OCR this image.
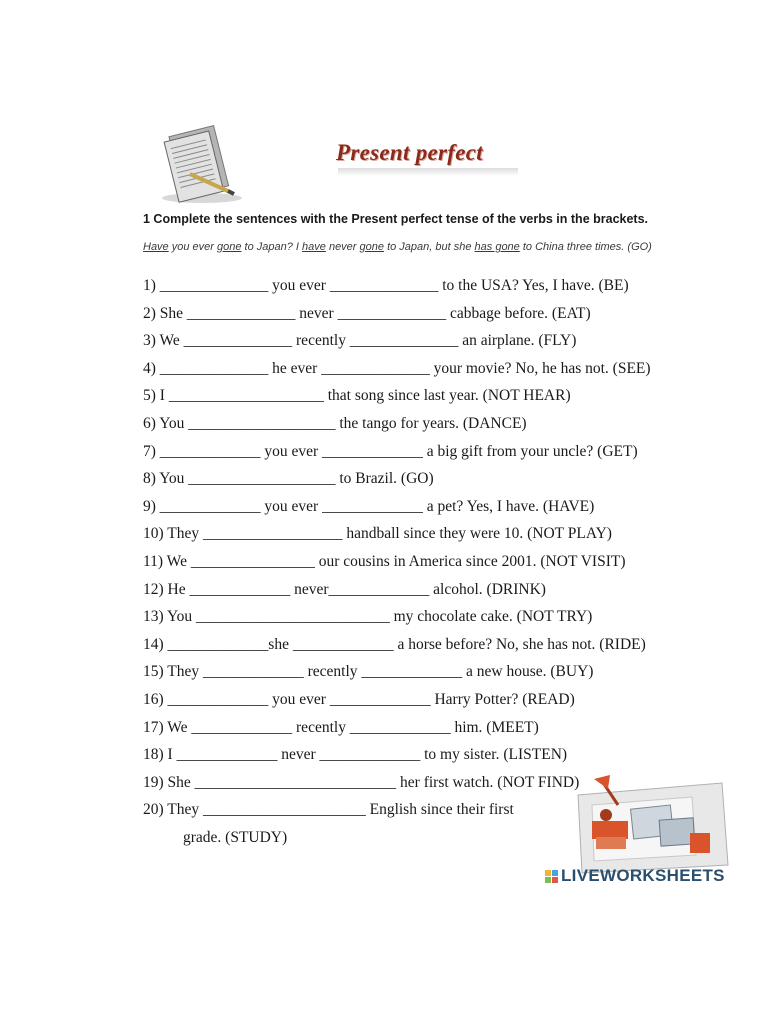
Present perfect
1 Complete the sentences with the Present perfect tense of the verbs in the brackets.
Have you ever gone to Japan? I have never gone to Japan, but she has gone to China three times. (GO)
1) ______________ you ever ______________ to the USA? Yes, I have. (BE)
2) She ______________ never ______________ cabbage before. (EAT)
3) We ______________ recently ______________ an airplane. (FLY)
4) ______________ he ever ______________ your movie? No, he has not. (SEE)
5) I ____________________ that song since last year. (NOT HEAR)
6) You ___________________ the tango for years. (DANCE)
7) _____________ you ever _____________ a big gift from your uncle? (GET)
8) You ___________________ to Brazil. (GO)
9) _____________ you ever _____________ a pet? Yes, I have. (HAVE)
10) They __________________ handball since they were 10. (NOT PLAY)
11) We ________________ our cousins in America since 2001. (NOT VISIT)
12) He _____________ never_____________ alcohol. (DRINK)
13) You _________________________ my chocolate cake. (NOT TRY)
14) _____________she _____________ a horse before? No, she has not. (RIDE)
15) They _____________ recently _____________ a new house. (BUY)
16) _____________ you ever _____________ Harry Potter? (READ)
17) We _____________ recently _____________ him. (MEET)
18) I _____________ never _____________ to my sister. (LISTEN)
19) She __________________________ her first watch. (NOT FIND)
20) They _____________________ English since their first
grade. (STUDY)
LIVEWORKSHEETS
